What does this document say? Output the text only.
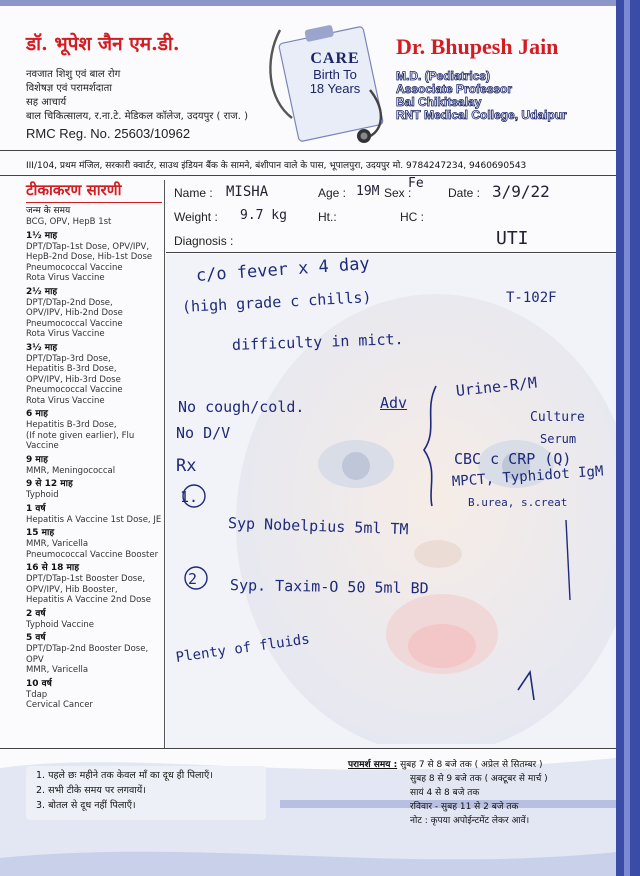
डॉ. भूपेश जैन एम.डी.
नवजात शिशु एवं बाल रोग
विशेषज्ञ एवं परामर्शदाता
सह आचार्य
बाल चिकित्सालय, र.ना.टे. मेडिकल कॉलेज, उदयपुर ( राज. )
RMC Reg. No. 25603/10962
CARE
Birth To
18 Years
Dr. Bhupesh Jain
M.D. (Pediatrics)
Associate Professor
Bal Chikitsalay
RNT Medical College, Udaipur
III/104, प्रथम मंजिल, सरकारी क्वार्टर, साउथ इंडियन बैंक के सामने, बंशीपान वाले के पास, भूपालपुरा, उदयपुर मो. 9784247234, 9460690543
टीकाकरण सारणी
जन्म के समय
BCG, OPV, HepB 1st
1½ माह
DPT/DTap-1st Dose, OPV/IPV,
HepB-2nd Dose, Hib-1st Dose
Pneumococcal Vaccine
Rota Virus Vaccine
2½ माह
DPT/DTap-2nd Dose,
OPV/IPV, Hib-2nd Dose
Pneumococcal Vaccine
Rota Virus Vaccine
3½ माह
DPT/DTap-3rd Dose,
Hepatitis B-3rd Dose,
OPV/IPV, Hib-3rd Dose
Pneumococcal Vaccine
Rota Virus Vaccine
6 माह
Hepatitis B-3rd Dose,
(If note given earlier), Flu Vaccine
9 माह
MMR, Meningococcal
9 से 12 माह
Typhoid
1 वर्ष
Hepatitis A Vaccine 1st Dose, JE
15 माह
MMR, Varicella
Pneumococcal Vaccine Booster
16 से 18 माह
DPT/DTap-1st Booster Dose,
OPV/IPV, Hib Booster,
Hepatitis A Vaccine 2nd Dose
2 वर्ष
Typhoid Vaccine
5 वर्ष
DPT/DTap-2nd Booster Dose,
OPV
MMR, Varicella
10 वर्ष
Tdap
Cervical Cancer
Name : MISHA	Age : 19M Sex :
Fe
Date : 3/9/22
Weight : 9.7 kg	Ht.:	HC :
Diagnosis :	UTI
c/o fever x 4 day
(high grade c chills)
difficulty in mict.
T-102F
No cough/cold.
No D/V
Adv
Urine-R/M
Culture
Serum
CBC c CRP (Q)
MPCT, Typhidot IgM
B.urea, s.creat
Rx
1.
Syp Nobelpius 5ml TM
2 Syp. Taxim-O 50 5ml BD
Plenty of fluids
1. पहले छः महीने तक केवल माँ का दूध ही पिलाएँ।
2. सभी टीके समय पर लगवायें।
3. बोतल से दूध नहीं पिलाएँ।
परामर्श समय : सुबह 7 से 8 बजे तक ( अप्रेल से सितम्बर )
सुबह 8 से 9 बजे तक ( अक्टूबर से मार्च )
सायं 4 से 8 बजे तक
रविवार - सुबह 11 से 2 बजे तक
नोट : कृपया अपोईन्टमेंट लेकर आवें।
